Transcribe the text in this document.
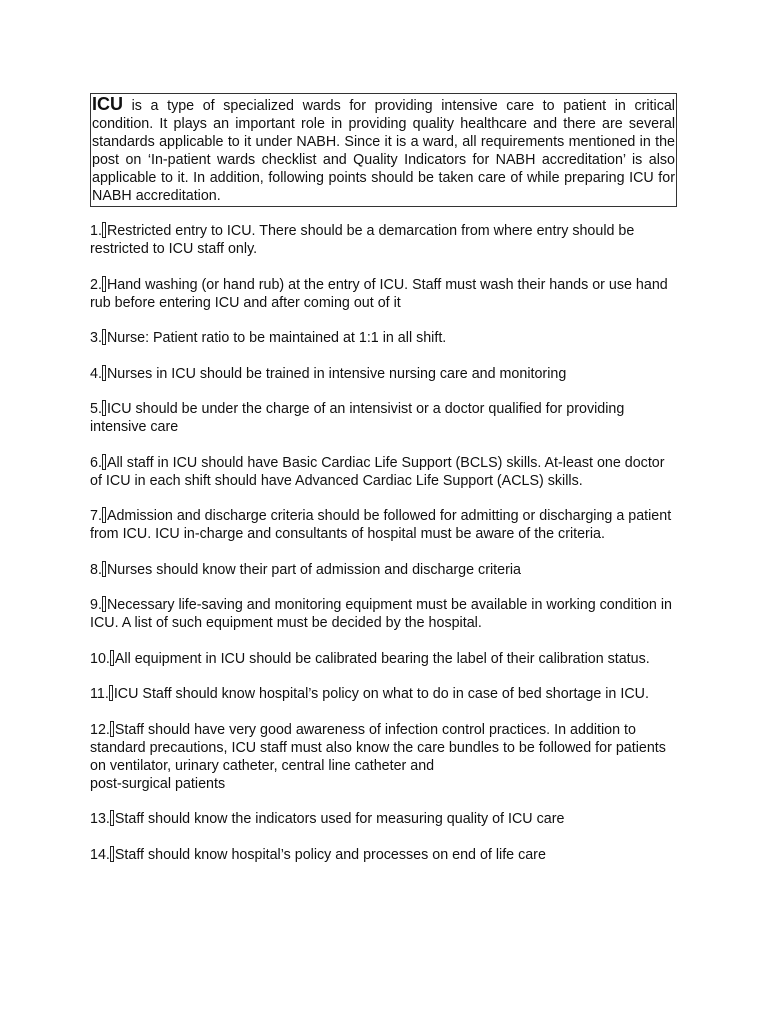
ICU is a type of specialized wards for providing intensive care to patient in critical condition. It plays an important role in providing quality healthcare and there are several standards applicable to it under NABH. Since it is a ward, all requirements mentioned in the post on ‘In-patient wards checklist and Quality Indicators for NABH accreditation’ is also applicable to it. In addition, following points should be taken care of while preparing ICU for NABH accreditation.
1. Restricted entry to ICU. There should be a demarcation from where entry should be restricted to ICU staff only.
2. Hand washing (or hand rub) at the entry of ICU. Staff must wash their hands or use hand rub before entering ICU and after coming out of it
3. Nurse: Patient ratio to be maintained at 1:1 in all shift.
4. Nurses in ICU should be trained in intensive nursing care and monitoring
5. ICU should be under the charge of an intensivist or a doctor qualified for providing intensive care
6. All staff in ICU should have Basic Cardiac Life Support (BCLS) skills. At-least one doctor of ICU in each shift should have Advanced Cardiac Life Support (ACLS) skills.
7. Admission and discharge criteria should be followed for admitting or discharging a patient from ICU. ICU in-charge and consultants of hospital must be aware of the criteria.
8. Nurses should know their part of admission and discharge criteria
9. Necessary life-saving and monitoring equipment must be available in working condition in ICU. A list of such equipment must be decided by the hospital.
10. All equipment in ICU should be calibrated bearing the label of their calibration status.
11. ICU Staff should know hospital’s policy on what to do in case of bed shortage in ICU.
12. Staff should have very good awareness of infection control practices. In addition to standard precautions, ICU staff must also know the care bundles to be followed for patients on ventilator, urinary catheter, central line catheter and
post-surgical patients
13. Staff should know the indicators used for measuring quality of ICU care
14. Staff should know hospital’s policy and processes on end of life care
